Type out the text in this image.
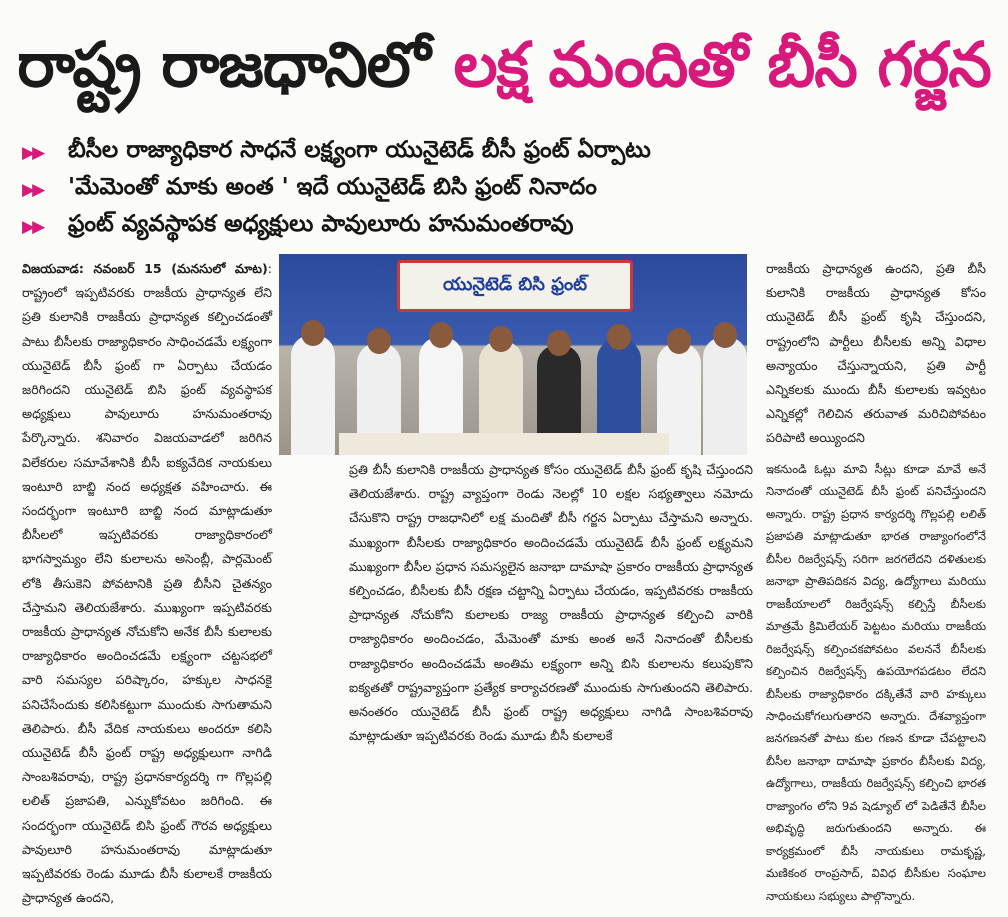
రాష్ట్ర రాజధానిలో లక్ష మందితో బీసీ గర్జన
▶▶	బీసీల రాజ్యాధికార సాధనే లక్ష్యంగా యునైటెడ్ బీసీ ఫ్రంట్ ఏర్పాటు
▶▶	'మేమెంతో మాకు అంత ' ఇదే యునైటెడ్ బిసి ఫ్రంట్ నినాదం
▶▶	ఫ్రంట్ వ్యవస్థాపక అధ్యక్షులు పావులూరు హనుమంతరావు
యునైటెడ్ బిసి ఫ్రంట్

విజయవాడ: నవంబర్ 15 (మనసులో మాట): రాష్ట్రంలో ఇప్పటివరకు రాజకీయ ప్రాధాన్యత లేని ప్రతి కులానికి రాజకీయ ప్రాధాన్యత కల్పించడంతో పాటు బీసీలకు రాజ్యాధికారం సాధించడమే లక్ష్యంగా యునైటెడ్ బీసీ ఫ్రంట్ గా ఏర్పాటు చేయడం జరిగిందని యునైటెడ్ బిసి ఫ్రంట్ వ్యవస్థాపక అధ్యక్షులు పావులూరు హనుమంతరావు పేర్కొన్నారు. శనివారం విజయవాడలో జరిగిన విలేకరుల సమావేశానికి బీసీ ఐక్యవేదిక నాయకులు ఇంటూరి బాబ్జి నంద అధ్యక్షత వహించారు. ఈ సందర్భంగా ఇంటూరి బాబ్జి నంద మాట్లాడుతూ బీసీలలో ఇప్పటివరకు రాజ్యాధికారంలో భాగస్వామ్యం లేని కులాలను అసెంబ్లీ, పార్లమెంట్ లోకి తీసుకెని పోవటానికి ప్రతి బీసీని చైతన్యం చేస్తామని తెలియజేశారు. ముఖ్యంగా ఇప్పటివరకు రాజకీయ ప్రాధాన్యత నోచుకోని అనేక బీసీ కులాలకు రాజ్యాధికారం అందించడమే లక్ష్యంగా చట్టసభలో వారి సమస్యల పరిష్కారం, హక్కుల సాధనకై పనిచేసేందుకు కలిసికట్టుగా ముందుకు సాగుతామని తెలిపారు. బీసీ వేదిక నాయకులు అందరూ కలిసి యునైటెడ్ బీసీ ఫ్రంట్ రాష్ట్ర అధ్యక్షులుగా నాగిడి సాంబశివరావు, రాష్ట్ర ప్రధానకార్యదర్శి గా గొల్లపల్లి లలిత్ ప్రజాపతి, ఎన్నుకోవటం జరిగింది. ఈ సందర్భంగా యునైటెడ్ బిసి ఫ్రంట్ గౌరవ అధ్యక్షులు పావులూరి హనుమంతరావు మాట్లాడుతూ ఇప్పటివరకు రెండు మూడు బీసీ కులాలకే రాజకీయ ప్రాధాన్యత ఉందని,

ప్రతి బీసీ కులానికి రాజకీయ ప్రాధాన్యత కోసం యునైటెడ్ బీసీ ఫ్రంట్ కృషి చేస్తుందని తెలియజేశారు. రాష్ట్ర వ్యాప్తంగా రెండు నెలల్లో 10 లక్షల సభ్యత్వాలు నమోదు చేసుకొని రాష్ట్ర రాజధానిలో లక్ష మందితో బీసీ గర్జన ఏర్పాటు చేస్తామని అన్నారు. ముఖ్యంగా బీసీలకు రాజ్యాధికారం అందించడమే యునైటెడ్ బీసీ ఫ్రంట్ లక్ష్యమని ముఖ్యంగా బీసీల ప్రధాన సమస్యలైన జనాభా దామాషా ప్రకారం రాజకీయ ప్రాధాన్యత కల్పించడం, బీసీలకు బీసీ రక్షణ చట్టాన్ని ఏర్పాటు చేయడం, ఇప్పటివరకు రాజకీయ ప్రాధాన్యత నోచుకోని కులాలకు రాజ్య రాజకీయ ప్రాధాన్యత కల్పించి వారికి రాజ్యాధికారం అందించడం, మేమెంతో మాకు అంత అనే నినాదంతో బీసీలకు రాజ్యాధికారం అందించడమే అంతిమ లక్ష్యంగా అన్ని బిసి కులాలను కలుపుకొని ఐక్యతతో రాష్ట్రవ్యాప్తంగా ప్రత్యేక కార్యాచరణతో ముందుకు సాగుతుందని తెలిపారు. అనంతరం యునైటెడ్ బీసీ ఫ్రంట్ రాష్ట్ర అధ్యక్షులు నాగిడి సాంబశివరావు మాట్లాడుతూ ఇప్పటివరకు రెండు మూడు బీసీ కులాలకే

రాజకీయ ప్రాధాన్యత ఉందని, ప్రతి బీసీ కులానికి రాజకీయ ప్రాధాన్యత కోసం యునైటెడ్ బీసీ ఫ్రంట్ కృషి చేస్తుందని, రాష్ట్రంలోని పార్టీలు బీసీలకు అన్ని విధాల అన్యాయం చేస్తున్నాయని, ప్రతి పార్టీ ఎన్నికలకు ముందు బీసీ కులాలకు ఇవ్వటం ఎన్నికల్లో గెలిచిన తరువాత మరిచిపోవటం పరిపాటి అయ్యిందని

ఇకనుండి ఓట్లు మావి సీట్లు కూడా మావే అనే నినాదంతో యునైటెడ్ బీసీ ఫ్రంట్ పనిచేస్తుందని అన్నారు. రాష్ట్ర ప్రధాన కార్యదర్శి గొల్లపల్లి లలిత్ ప్రజాపతి మాట్లాడుతూ భారత రాజ్యాంగంలోనే బీసీల రిజర్వేషన్స్ సరిగా జరగలేదని దళితులకు జనాభా ప్రాతిపదికన విద్య, ఉద్యోగాలు మరియు రాజకీయాలలో రిజర్వేషన్స్ కల్పిస్తే బీసీలకు మాత్రమే క్రిమిలేయర్ పెట్టటం మరియు రాజకీయ రిజర్వేషన్స్ కల్పించకపోవటం వలననే బీసీలకు కల్పించిన రిజర్వేషన్స్ ఉపయోగపడటం లేదని బీసీలకు రాజ్యాధికారం దక్కితేనే వారి హక్కులు సాధించుకోగలుగుతారని అన్నారు. దేశవ్యాప్తంగా జనగణనతో పాటు కుల గణన కూడా చేపట్టాలని బీసీల జనాభా దామాషా ప్రకారం బీసీలకు విద్య, ఉద్యోగాలు, రాజకీయ రిజర్వేషన్స్ కల్పించి భారత రాజ్యాంగం లోని 9వ షెడ్యూల్ లో పెడితేనే బీసీల అభివృద్ధి జరుగుతుందని అన్నారు. ఈ కార్యక్రమంలో బీసీ నాయకులు రామకృష్ణ, మణికంఠ రాంప్రసాద్, వివిధ బీసీకుల సంఘాల నాయకులు సభ్యులు పాల్గొన్నారు.
